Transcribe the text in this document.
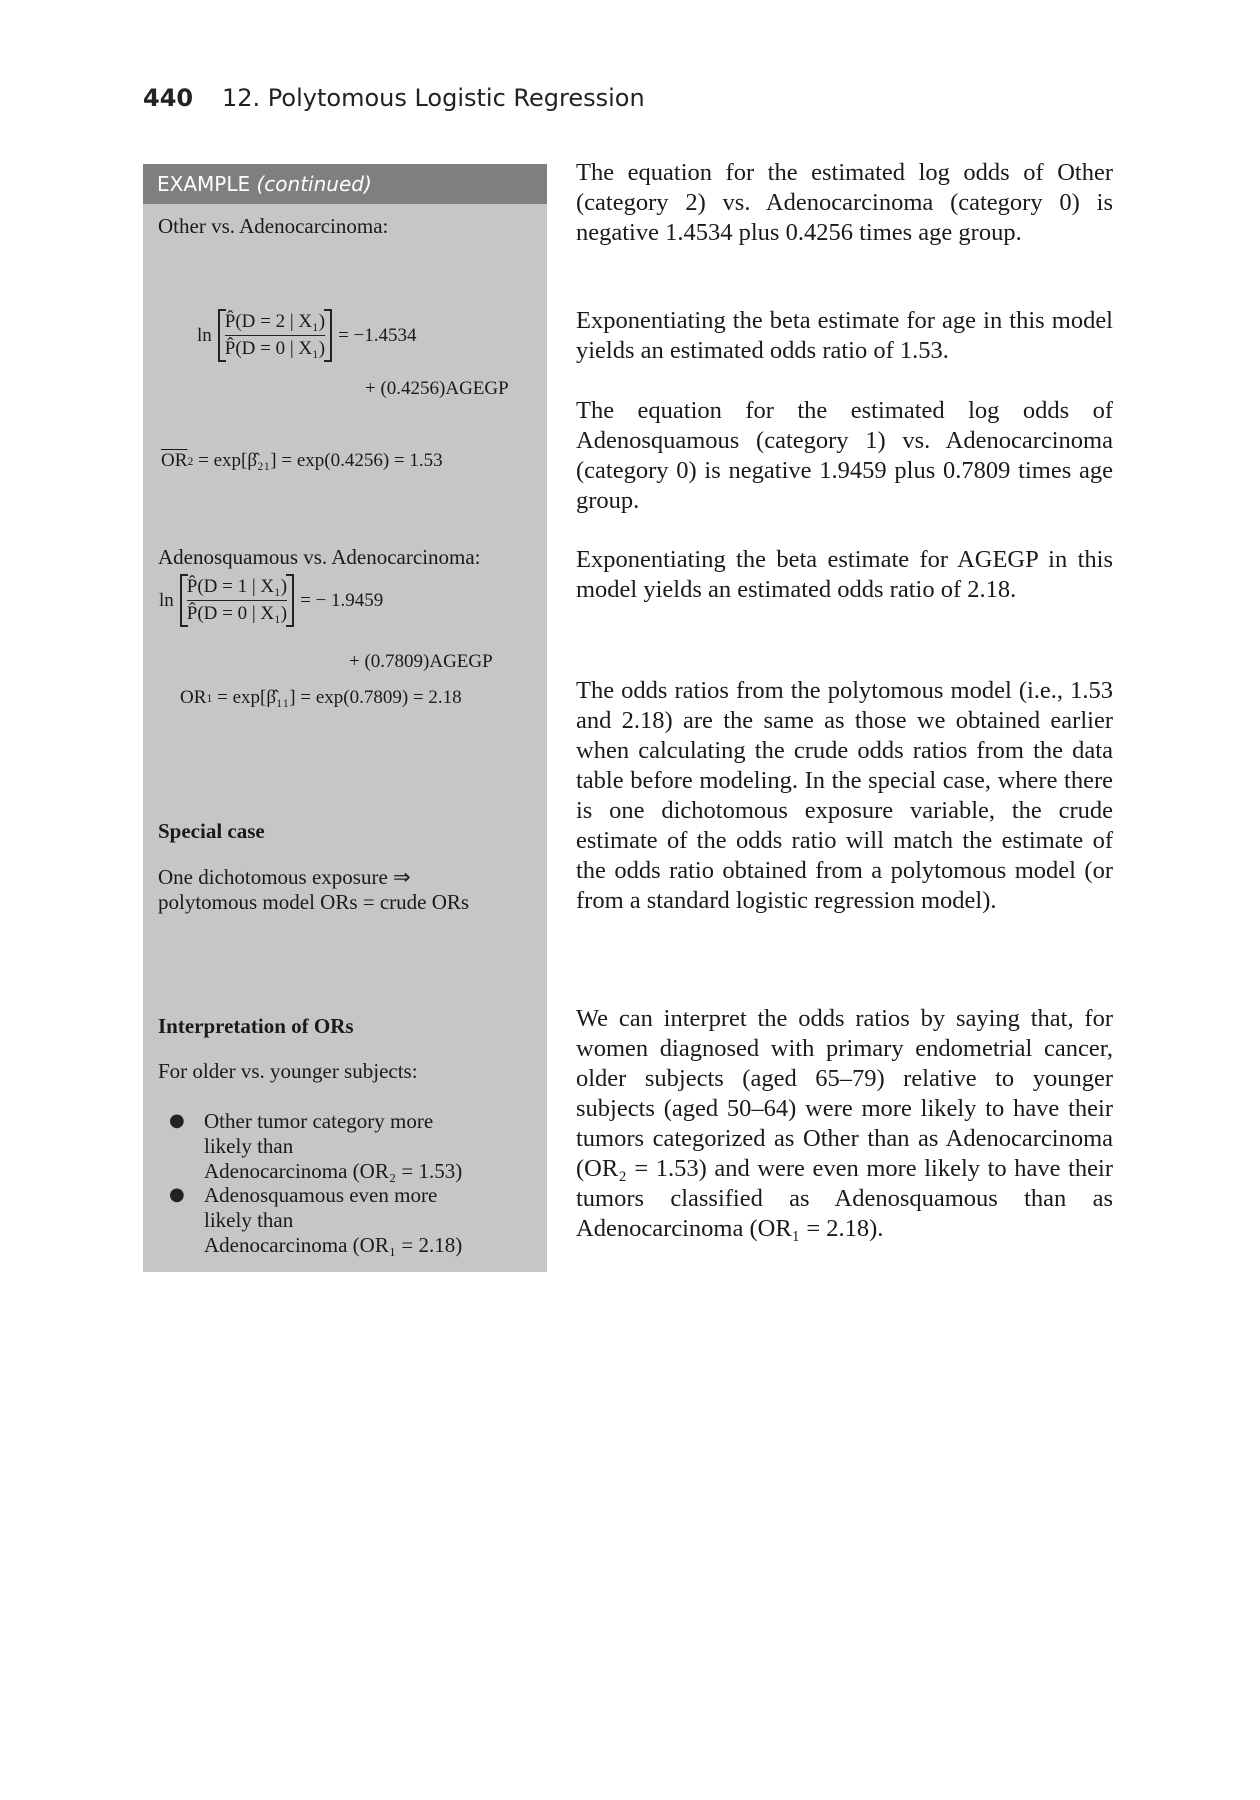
440 12. Polytomous Logistic Regression
EXAMPLE (continued)
Other vs. Adenocarcinoma:
$\ln \frac{\text{P̂(D = 2 | X₁)}}{\text{P̂(D = 0 | X₁)}} = -1.4534$
+ (0.4256)AGEGP
$\overline{OR}$ 2
= exp[β̂₂₁] = exp(0.4256) = 1.53
Adenosquamous vs. Adenocarcinoma:
$\ln \frac{\text{P̂(D = 1 | X₁)}}{\text{P̂(D = 0 | X₁)}}$ = − 1.9459
+ (0.7809)AGEGP
OR 1
= exp[β̂₁₁] = exp(0.7809) = 2.18
Special case
One dichotomous exposure ⇒
polytomous model ORs = crude ORs
Interpretation of ORs
For older vs. younger subjects:
● Other tumor category more
likely than
Adenocarcinoma (OR₂ = 1.53)
● Adenosquamous even more
likely than
Adenocarcinoma (OR₁ = 2.18)

The equation for the estimated log odds of Other (category 2) vs. Adenocarcinoma (category 0) is negative 1.4534 plus 0.4256 times age group.

Exponentiating the beta estimate for age in this model yields an estimated odds ratio of 1.53.

The equation for the estimated log odds of Adenosquamous (category 1) vs. Adenocarcinoma (category 0) is negative 1.9459 plus 0.7809 times age group.

Exponentiating the beta estimate for AGEGP in this model yields an estimated odds ratio of 2.18.

The odds ratios from the polytomous model (i.e., 1.53 and 2.18) are the same as those we obtained earlier when calculating the crude odds ratios from the data table before modeling. In the special case, where there is one dichotomous exposure variable, the crude estimate of the odds ratio will match the estimate of the odds ratio obtained from a polytomous model (or from a standard logistic regression model).

We can interpret the odds ratios by saying that, for women diagnosed with primary endometrial cancer, older subjects (aged 65–79) relative to younger subjects (aged 50–64) were more likely to have their tumors categorized as Other than as Adenocarcinoma (OR₂ = 1.53) and were even more likely to have their tumors classified as Adenosquamous than as Adenocarcinoma (OR₁ = 2.18).
